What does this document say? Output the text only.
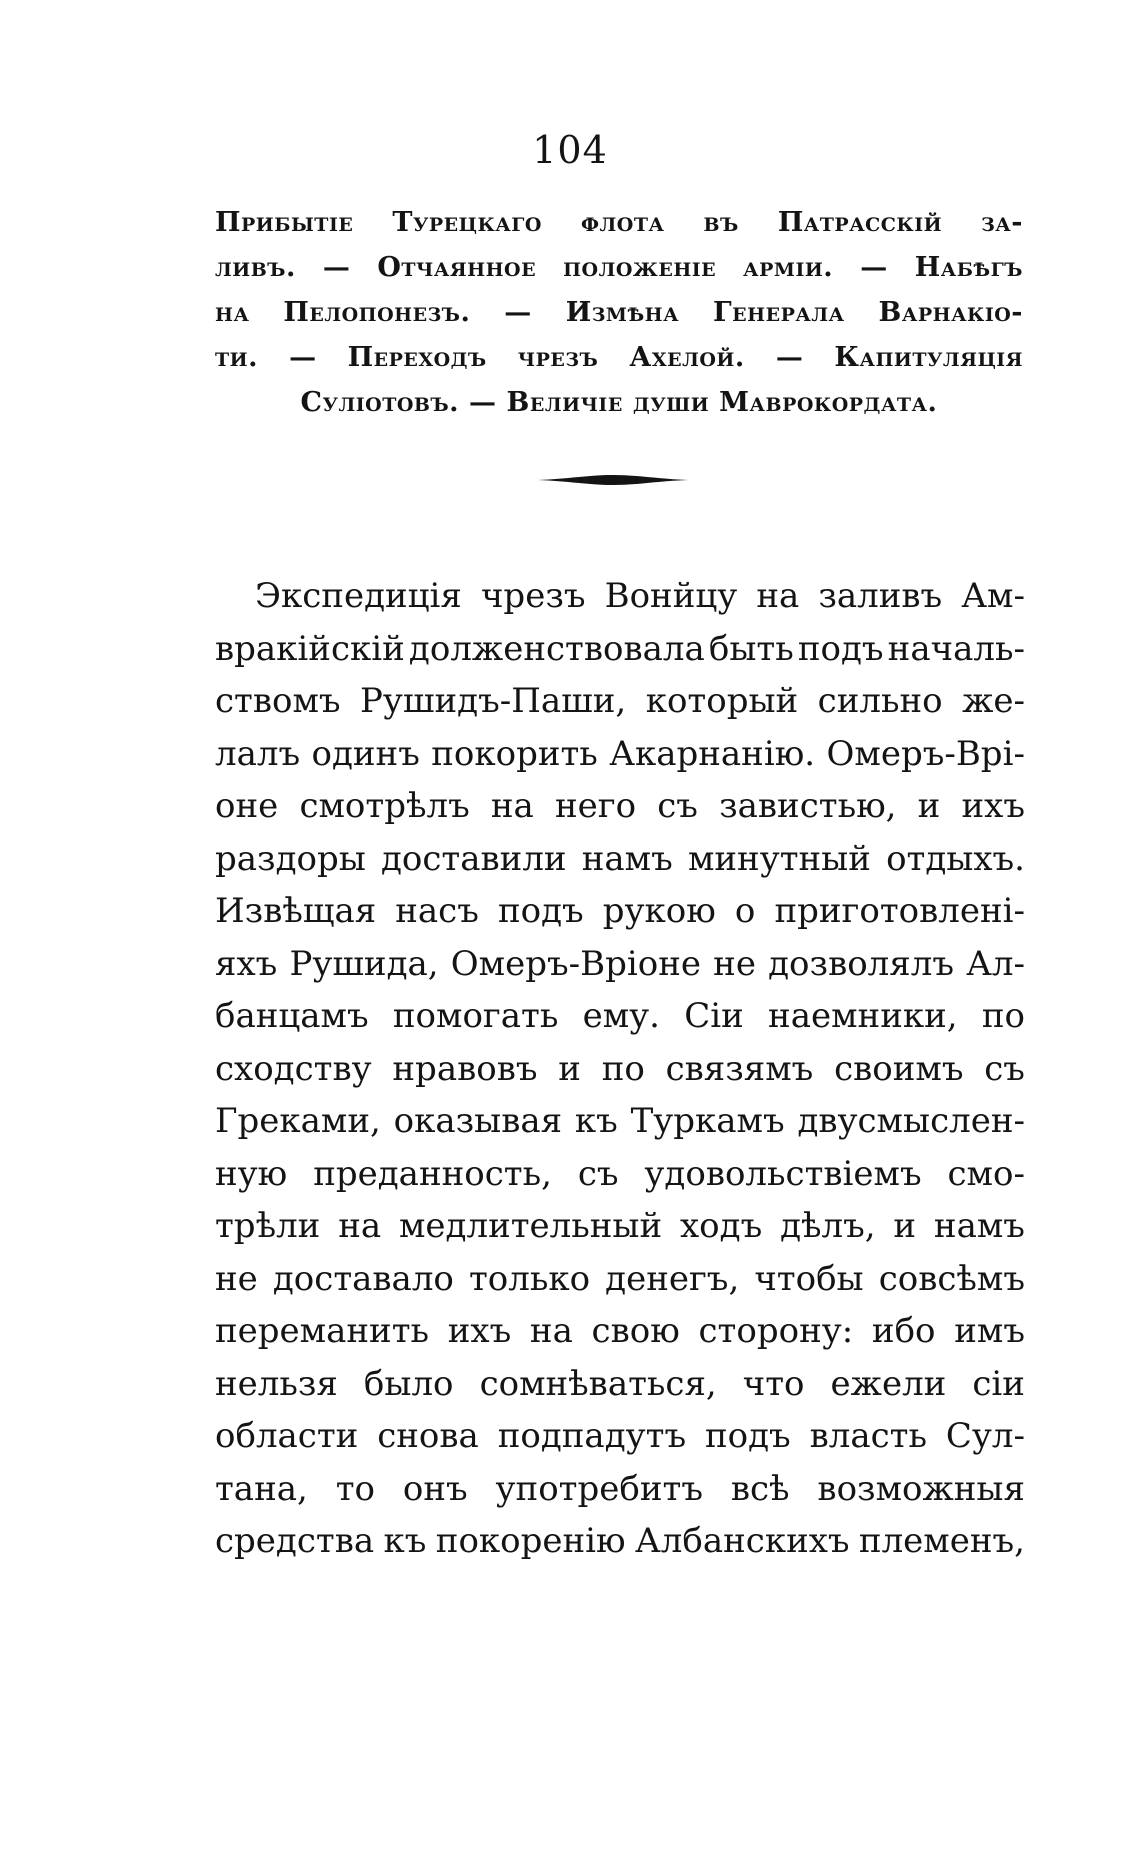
104
Прибытіе Турецкаго флота въ Патрасскій за-
ливъ. — Отчаянное положеніе арміи. — Набѣгъ
на Пелопонезъ. — Измѣна Генерала Варнакіо-
ти. — Переходъ чрезъ Ахелой. — Капитуляція
Суліотовъ. — Величіе души Маврокордата.
Экспедиція чрезъ Вонйцу на заливъ Ам-
вракійскій долженствовала быть подъ началь-
ствомъ Рушидъ-Паши, который сильно же-
лалъ одинъ покорить Акарнанію. Омеръ-Врі-
оне смотрѣлъ на него съ завистью, и ихъ
раздоры доставили намъ минутный отдыхъ.
Извѣщая насъ подъ рукою о приготовлені-
яхъ Рушида, Омеръ-Вріоне не дозволялъ Ал-
банцамъ помогать ему. Сіи наемники, по
сходству нравовъ и по связямъ своимъ съ
Греками, оказывая къ Туркамъ двусмыслен-
ную преданность, съ удовольствіемъ смо-
трѣли на медлительный ходъ дѣлъ, и намъ
не доставало только денегъ, чтобы совсѣмъ
переманить ихъ на свою сторону: ибо имъ
нельзя было сомнѣваться, что ежели сіи
области снова подпадутъ подъ власть Сул-
тана, то онъ употребитъ всѣ возможныя
средства къ покоренію Албанскихъ племенъ,
